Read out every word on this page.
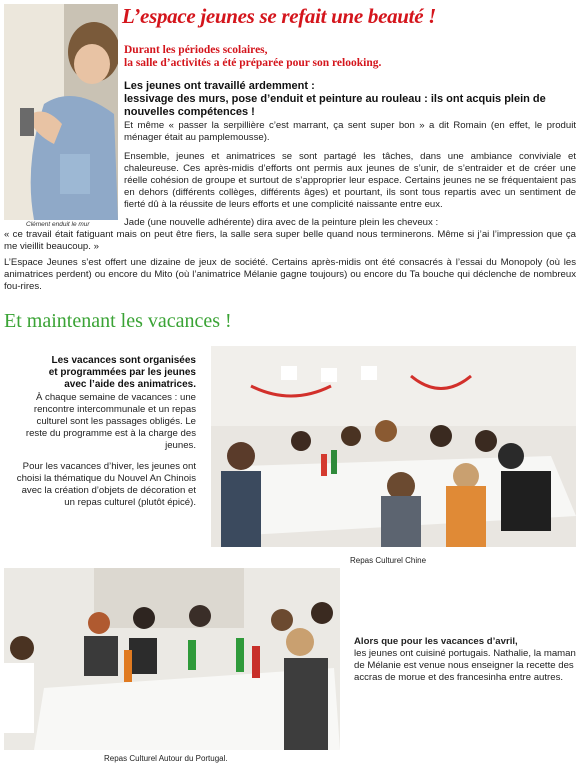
Clément enduit le mur
L’espace jeunes se refait une beauté !
Durant les périodes scolaires,
la salle d’activités a été préparée pour son relooking.
Les jeunes ont travaillé ardemment :
lessivage des murs, pose d’enduit et peinture au rouleau : ils ont acquis plein de nouvelles compétences !
Et même « passer la serpillière c’est marrant, ça sent super bon » a dit Romain (en effet, le produit ménager était au pamplemousse).
Ensemble, jeunes et animatrices se sont partagé les tâches, dans une ambiance conviviale et chaleureuse. Ces après-midis d’efforts ont permis aux jeunes de s’unir, de s’entraider et de créer une réelle cohésion de groupe et surtout de s’approprier leur espace. Certains jeunes ne se fréquentaient pas en dehors (différents collèges, différents âges) et pourtant, ils sont tous repartis avec un sentiment de fierté dû à la réussite de leurs efforts et une complicité naissante entre eux.
Jade (une nouvelle adhérente) dira avec de la peinture plein les cheveux :
« ce travail était fatiguant mais on peut être fiers, la salle sera super belle quand nous terminerons. Même si j’ai l’impression que ça me vieillit beaucoup. »
L’Espace Jeunes s’est offert une dizaine de jeux de société. Certains après-midis ont été consacrés à l’essai du Monopoly (où les animatrices perdent) ou encore du Mito (où l’animatrice Mélanie gagne toujours) ou encore du Ta bouche qui déclenche de nombreux fou-rires.
Et maintenant les vacances !
Les vacances sont organisées et programmées par les jeunes avec l’aide des animatrices.
À chaque semaine de vacances : une rencontre intercommunale et un repas culturel sont les passages obligés. Le reste du programme est à la charge des jeunes.
Pour les vacances d’hiver, les jeunes ont choisi la thématique du Nouvel An Chinois avec la création d’objets de décoration et un repas culturel (plutôt épicé).
Repas Culturel Chine
Repas Culturel Autour du Portugal.
Alors que pour les vacances d’avril,
les jeunes ont cuisiné portugais. Nathalie, la maman de Mélanie est venue nous enseigner la recette des accras de morue et des francesinha entre autres.
